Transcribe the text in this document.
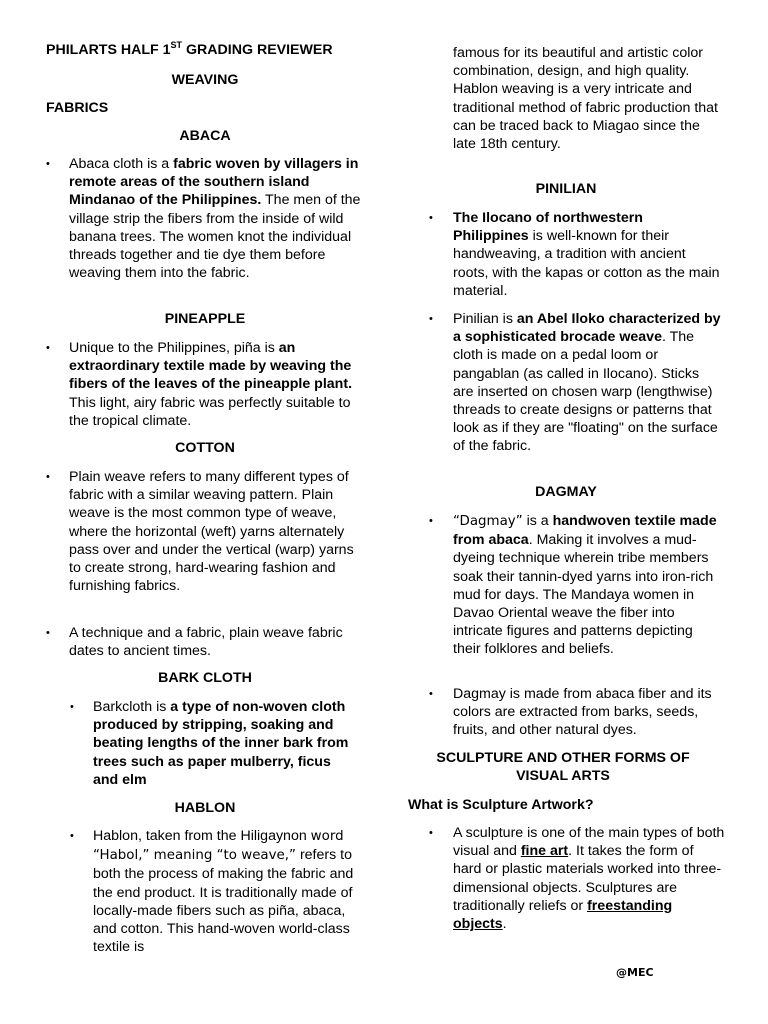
PHILARTS HALF 1ST GRADING REVIEWER
WEAVING
FABRICS
ABACA
• Abaca cloth is a fabric woven by villagers in remote areas of the southern island Mindanao of the Philippines. The men of the village strip the fibers from the inside of wild banana trees. The women knot the individual threads together and tie dye them before weaving them into the fabric.
PINEAPPLE
• Unique to the Philippines, piña is an extraordinary textile made by weaving the fibers of the leaves of the pineapple plant. This light, airy fabric was perfectly suitable to the tropical climate.
COTTON
• Plain weave refers to many different types of fabric with a similar weaving pattern. Plain weave is the most common type of weave, where the horizontal (weft) yarns alternately pass over and under the vertical (warp) yarns to create strong, hard-wearing fashion and furnishing fabrics.
• A technique and a fabric, plain weave fabric dates to ancient times.
BARK CLOTH
• Barkcloth is a type of non-woven cloth produced by stripping, soaking and beating lengths of the inner bark from trees such as paper mulberry, ficus and elm
HABLON
• Hablon, taken from the Hiligaynon word “Habol,” meaning “to weave,” refers to both the process of making the fabric and the end product. It is traditionally made of locally-made fibers such as piña, abaca, and cotton. This hand-woven world-class textile is
famous for its beautiful and artistic color combination, design, and high quality. Hablon weaving is a very intricate and traditional method of fabric production that can be traced back to Miagao since the late 18th century.
PINILIAN
• The Ilocano of northwestern Philippines is well-known for their handweaving, a tradition with ancient roots, with the kapas or cotton as the main material.
• Pinilian is an Abel Iloko characterized by a sophisticated brocade weave. The cloth is made on a pedal loom or pangablan (as called in Ilocano). Sticks are inserted on chosen warp (lengthwise) threads to create designs or patterns that look as if they are "floating" on the surface of the fabric.
DAGMAY
• “Dagmay” is a handwoven textile made from abaca. Making it involves a mud-dyeing technique wherein tribe members soak their tannin-dyed yarns into iron-rich mud for days. The Mandaya women in Davao Oriental weave the fiber into intricate figures and patterns depicting their folklores and beliefs.
• Dagmay is made from abaca fiber and its colors are extracted from barks, seeds, fruits, and other natural dyes.
SCULPTURE AND OTHER FORMS OF VISUAL ARTS
What is Sculpture Artwork?
• A sculpture is one of the main types of both visual and fine art. It takes the form of hard or plastic materials worked into three-dimensional objects. Sculptures are traditionally reliefs or freestanding objects.
@MEC
